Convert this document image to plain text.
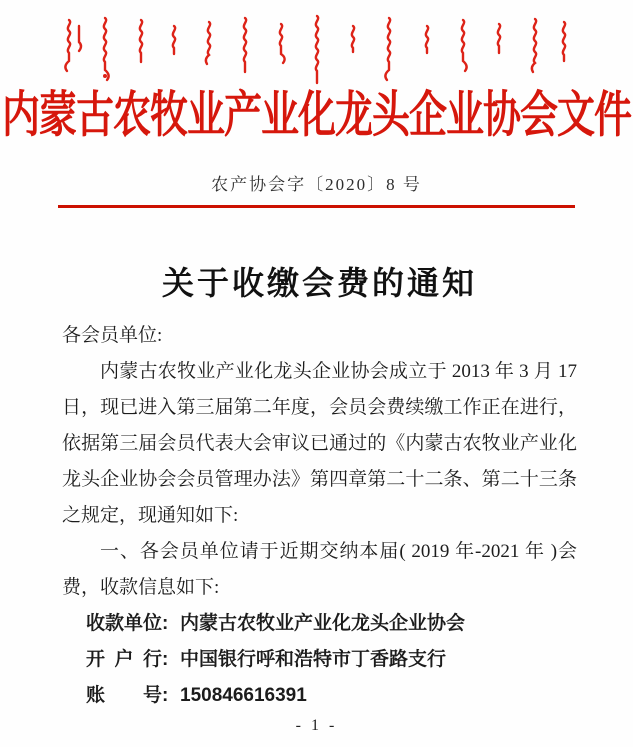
内蒙古农牧业产业化龙头企业协会文件
农产协会字〔2020〕8 号
关于收缴会费的通知

各会员单位:

内蒙古农牧业产业化龙头企业协会成立于 2013 年 3 月 17 日，现已进入第三届第二年度，会员会费续缴工作正在进行，依据第三届会员代表大会审议已通过的《内蒙古农牧业产业化龙头企业协会会员管理办法》第四章第二十二条、第二十三条之规定，现通知如下:

一、各会员单位请于近期交纳本届( 2019 年-2021 年 )会费，收款信息如下:

收款单位: 内蒙古农牧业产业化龙头企业协会

开 户 行: 中国银行呼和浩特市丁香路支行

账  号: 150846616391

- 1 -
